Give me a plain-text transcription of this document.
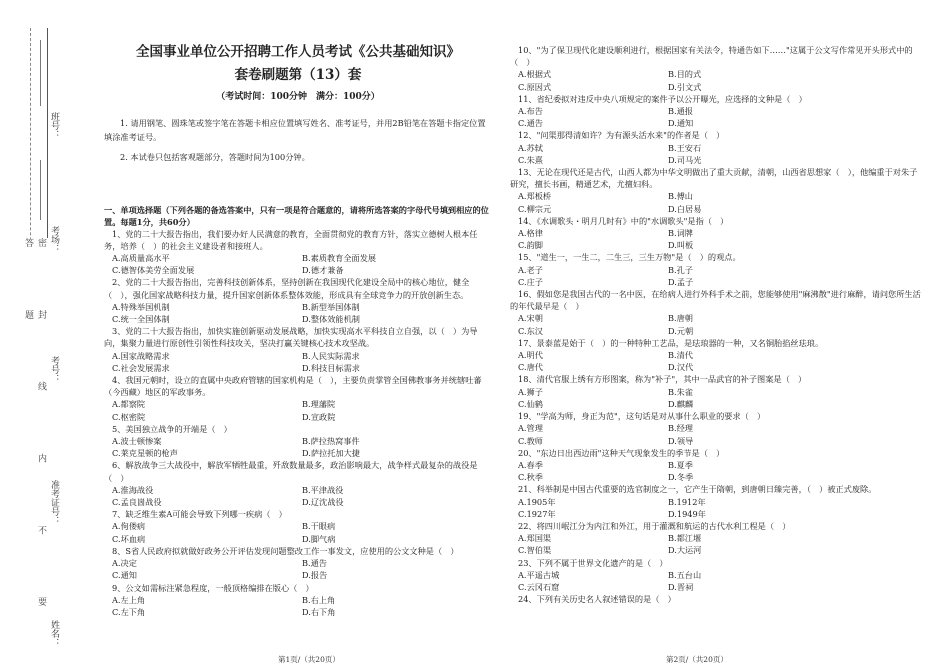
班号：
考场：
考号：
准考证号：
姓名：
密 封 线 内 不 要 答 题
全国事业单位公开招聘工作人员考试《公共基础知识》
套卷刷题第（13）套
（考试时间：100分钟　满分：100分）
1. 请用钢笔、圆珠笔或签字笔在答题卡相应位置填写姓名、准考证号，并用2B铅笔在答题卡指定位置填涂准考证号。
2. 本试卷只包括客观题部分，答题时间为100分钟。
一、单项选择题（下列各题的备选答案中，只有一项是符合题意的，请将所选答案的字母代号填到相应的位置。每题1分，共60分）
1、党的二十大报告指出，我们要办好人民满意的教育，全面贯彻党的教育方针，落实立德树人根本任务，培养（　）的社会主义建设者和接班人。
A.高质量高水平	B.素质教育全面发展
C.德智体美劳全面发展	D.德才兼备
2、党的二十大报告指出，完善科技创新体系，坚持创新在我国现代化建设全局中的核心地位，健全（　），强化国家战略科技力量，提升国家创新体系整体效能，形成具有全球竞争力的开放创新生态。
A.特殊举国机制	B.新型举国体制
C.统一全国体制	D.整体效能机制
3、党的二十大报告指出，加快实施创新驱动发展战略，加快实现高水平科技自立自强，以（　）为导向，集聚力量进行原创性引领性科技攻关，坚决打赢关键核心技术攻坚战。
A.国家战略需求	B.人民实际需求
C.社会发展需求	D.科技目标需求
4、我国元朝时，设立的直属中央政府管辖的国家机构是（　），主要负责掌管全国佛教事务并统辖吐蕃（今西藏）地区的军政事务。
A.都察院	B.理藩院
C.枢密院	D.宣政院
5、美国独立战争的开端是（　）
A.波士顿惨案	B.萨拉热窝事件
C.莱克星顿的枪声	D.萨拉托加大捷
6、解放战争三大战役中，解放军牺牲最重，歼敌数量最多，政治影响最大，战争样式最复杂的战役是（　）
A.淮海战役	B.平津战役
C.孟良崮战役	D.辽沈战役
7、缺乏维生素A可能会导致下列哪一疾病（　）
A.佝偻病	B.干眼病
C.坏血病	D.脚气病
8、S省人民政府拟就做好政务公开评估发现问题整改工作一事发文，应使用的公文文种是（　）
A.决定	B.通告
C.通知	D.报告
9、公文如需标注紧急程度，一般顶格编排在版心（　）
A.左上角	B.右上角
C.左下角	D.右下角
10、"为了保卫现代化建设顺利进行，根据国家有关法令，特通告如下……"这属于公文写作常见开头形式中的（　）
A.根据式	B.目的式
C.原因式	D.引文式
11、省纪委拟对违反中央八项规定的案件予以公开曝光，应选择的文种是（　）
A.布告	B.通报
C.通告	D.通知
12、"问渠那得清如许？为有源头活水来"的作者是（　）
A.苏轼	B.王安石
C.朱熹	D.司马光
13、无论在现代还是古代，山西人都为中华文明做出了重大贡献，清朝，山西省思想家（　），他编重于对朱子研究，擅长书画，精通艺术，尤擅妇科。
A.郑板桥	B.傅山
C.柳宗元	D.白居易
14、《水调歌头・明月几时有》中的"水调歌头"是指（　）
A.格律	B.词牌
C.韵脚	D.叫板
15、"道生一，一生二，二生三，三生万物"是（　）的观点。
A.老子	B.孔子
C.庄子	D.孟子
16、假如您是我国古代的一名中医，在给病人进行外科手术之前，您能够使用"麻沸散"进行麻醉，请问您所生活的年代最早是（　）
A.宋朝	B.唐朝
C.东汉	D.元朝
17、景泰蓝是始于（　）的一种特种工艺品，是珐琅器的一种，又名铜胎掐丝珐琅。
A.明代	B.清代
C.唐代	D.汉代
18、清代官服上绣有方形图案，称为"补子"，其中一品武官的补子图案是（　）
A.狮子	B.朱雀
C.仙鹤	D.麒麟
19、"学高为师，身正为范"，这句话是对从事什么职业的要求（　）
A.管理	B.经理
C.教师	D.领导
20、"东边日出西边雨"这种天气现象发生的季节是（　）
A.春季	B.夏季
C.秋季	D.冬季
21、科举制是中国古代重要的选官制度之一，它产生于隋朝，到唐朝日臻完善，（　）被正式废除。
A.1905年	B.1912年
C.1927年	D.1949年
22、将四川岷江分为内江和外江，用于灌溉和航运的古代水利工程是（　）
A.郑国渠	B.都江堰
C.智伯渠	D.大运河
23、下列不属于世界文化遗产的是（　）
A.平遥古城	B.五台山
C.云冈石窟	D.晋祠
24、下列有关历史名人叙述错误的是（　）
第1页/（共20页）	第2页/（共20页）
